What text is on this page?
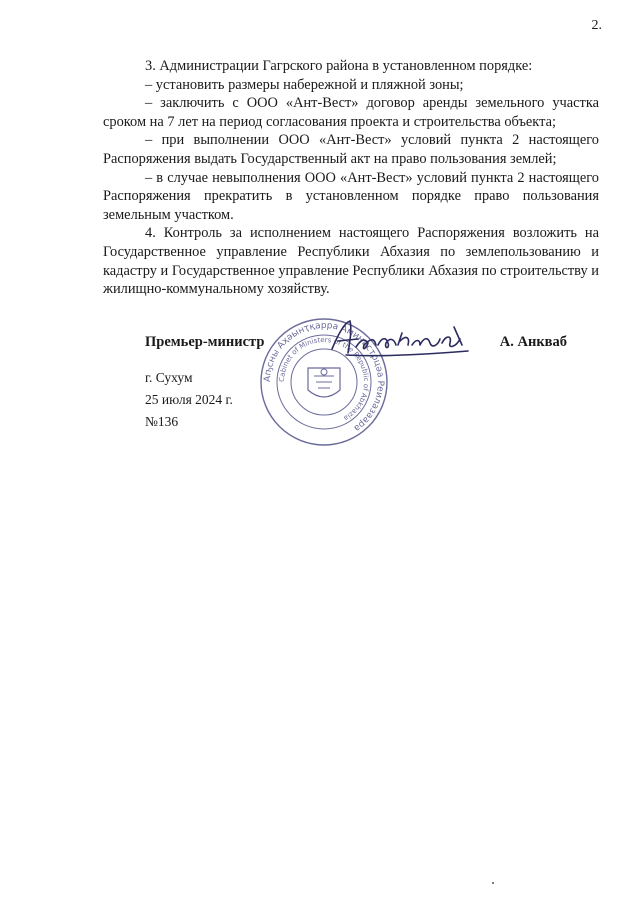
2.

3. Администрации Гагрского района в установленном порядке:

– установить размеры набережной и пляжной зоны;

– заключить с ООО «Ант-Вест» договор аренды земельного участка сроком на 7 лет на период согласования проекта и строительства объекта;

– при выполнении ООО «Ант-Вест» условий пункта 2 настоящего Распоряжения выдать Государственный акт на право пользования землей;

– в случае невыполнения ООО «Ант-Вест» условий пункта 2 настоящего Распоряжения прекратить в установленном порядке право пользования земельным участком.

4. Контроль за исполнением настоящего Распоряжения возложить на Государственное управление Республики Абхазия по землепользованию и кадастру и Государственное управление Республики Абхазия по строительству и жилищно-коммунальному хозяйству.

Премьер-министр	А. Анкваб
Аҧсны Аҳәынҭқарра Аминистрцәа Реилазаара
Cabinet of Ministers of the Republic of Abkhazia
г. Сухум
25 июля 2024 г.
№136
